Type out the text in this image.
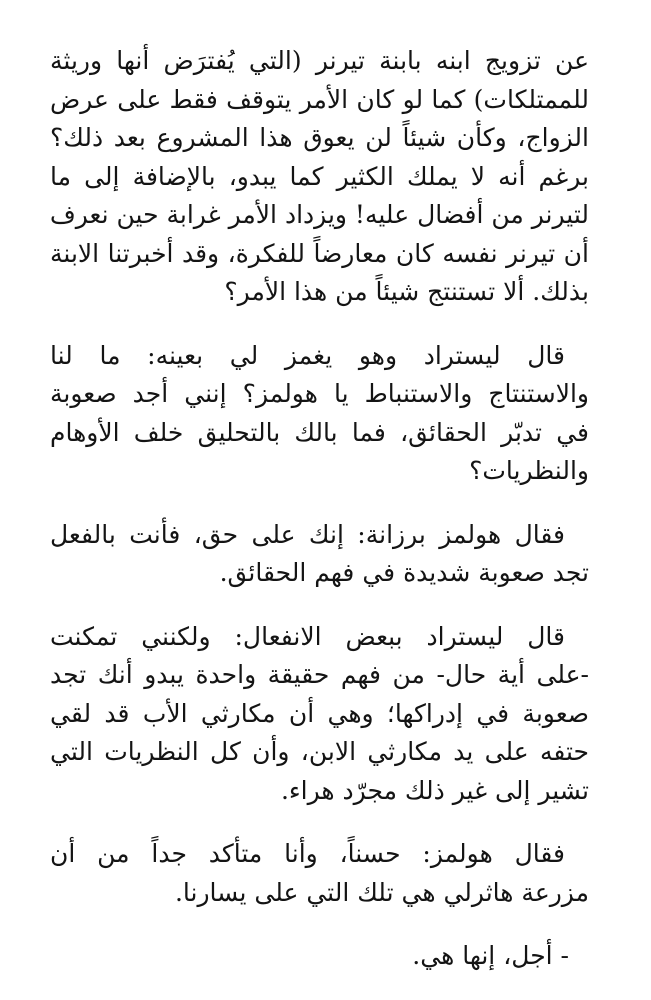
عن تزويج ابنه بابنة تيرنر (التي يُفترَض أنها وريثة
للممتلكات) كما لو كان الأمر يتوقف فقط على عرض
الزواج، وكأن شيئاً لن يعوق هذا المشروع بعد ذلك؟
برغم أنه لا يملك الكثير كما يبدو، بالإضافة إلى ما
لتيرنر من أفضال عليه! ويزداد الأمر غرابة حين نعرف
أن تيرنر نفسه كان معارضاً للفكرة، وقد أخبرتنا الابنة
بذلك. ألا تستنتج شيئاً من هذا الأمر؟
قال ليستراد وهو يغمز لي بعينه: ما لنا
والاستنتاج والاستنباط يا هولمز؟ إنني أجد صعوبة
في تدبّر الحقائق، فما بالك بالتحليق خلف الأوهام
والنظريات؟
فقال هولمز برزانة: إنك على حق، فأنت بالفعل
تجد صعوبة شديدة في فهم الحقائق.
قال ليستراد ببعض الانفعال: ولكنني تمكنت
-على أية حال- من فهم حقيقة واحدة يبدو أنك تجد
صعوبة في إدراكها؛ وهي أن مكارثي الأب قد لقي
حتفه على يد مكارثي الابن، وأن كل النظريات التي
تشير إلى غير ذلك مجرّد هراء.
فقال هولمز: حسناً، وأنا متأكد جداً من أن
مزرعة هاثرلي هي تلك التي على يسارنا.
- أجل، إنها هي.
